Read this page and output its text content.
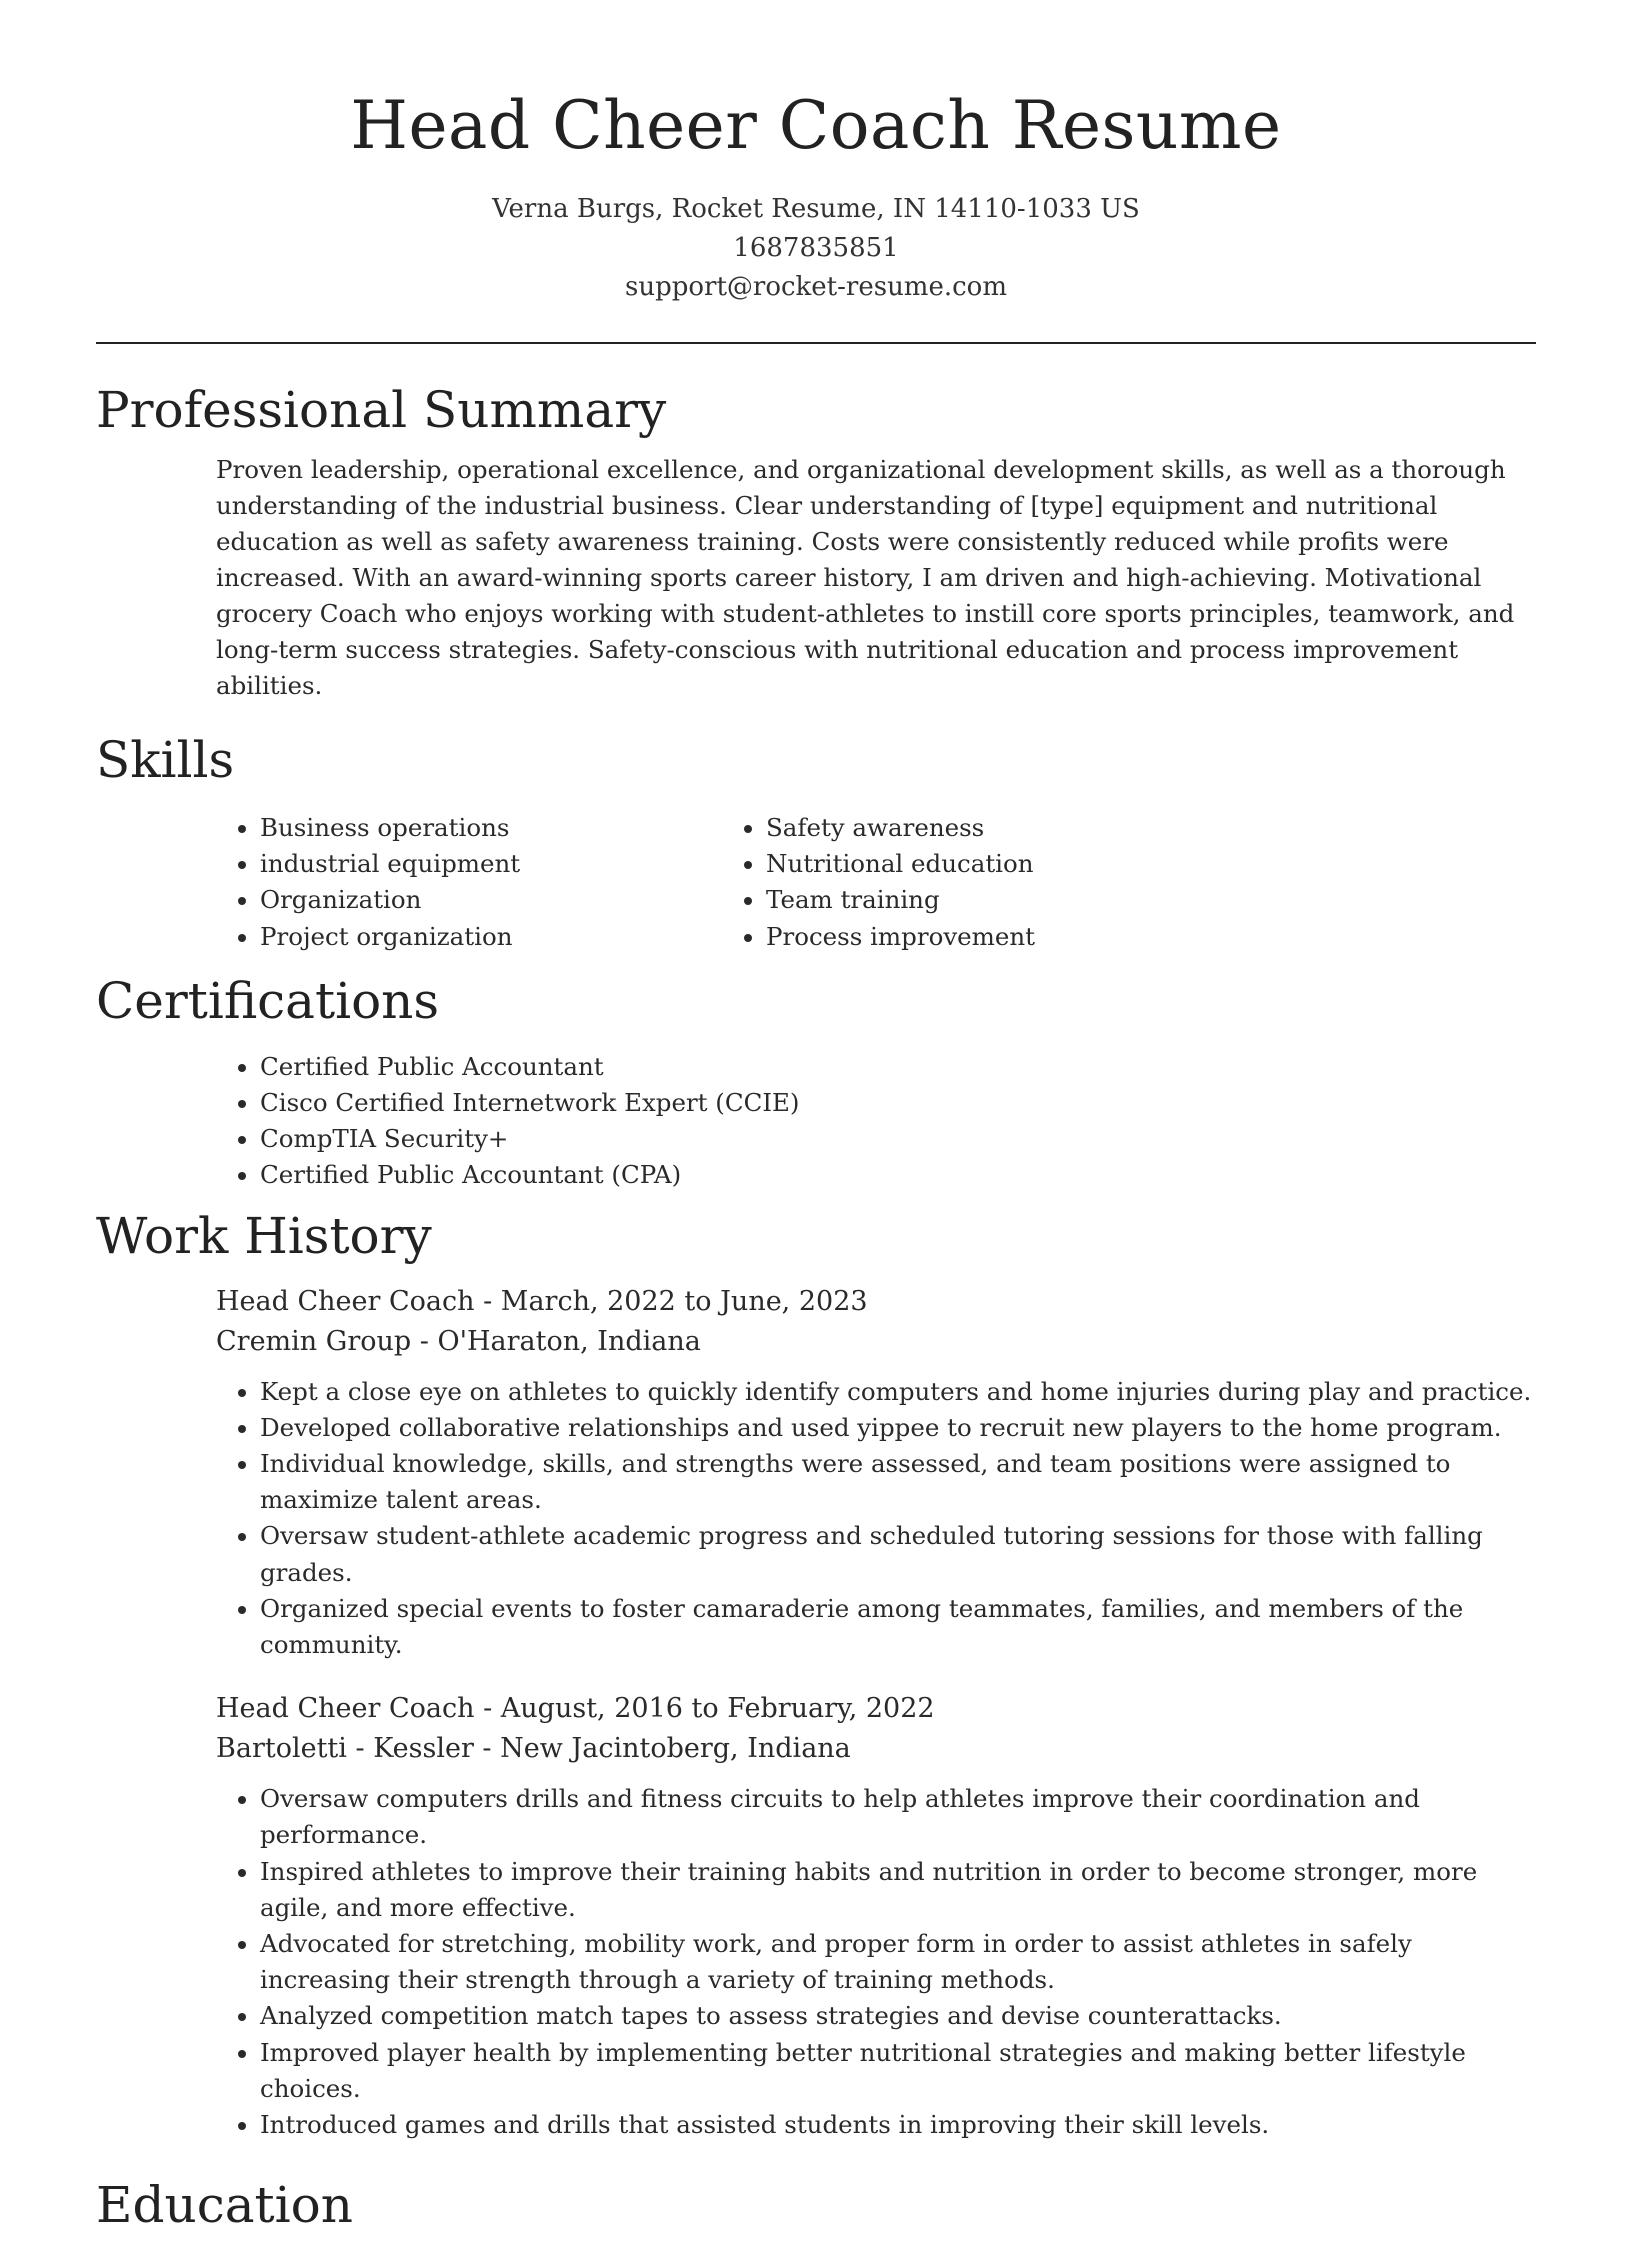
Head Cheer Coach Resume
Verna Burgs, Rocket Resume, IN 14110-1033 US
1687835851
support@rocket-resume.com
Professional Summary

Proven leadership, operational excellence, and organizational development skills, as well as a thorough understanding of the industrial business. Clear understanding of [type] equipment and nutritional education as well as safety awareness training. Costs were consistently reduced while profits were increased. With an award-winning sports career history, I am driven and high-achieving. Motivational grocery Coach who enjoys working with student-athletes to instill core sports principles, teamwork, and long-term success strategies. Safety-conscious with nutritional education and process improvement abilities.

Skills
• Business operations
• industrial equipment
• Organization
• Project organization
• Safety awareness
• Nutritional education
• Team training
• Process improvement
Certifications
• Certified Public Accountant
• Cisco Certified Internetwork Expert (CCIE)
• CompTIA Security+
• Certified Public Accountant (CPA)
Work History
Head Cheer Coach - March, 2022 to June, 2023
Cremin Group - O'Haraton, Indiana
• Kept a close eye on athletes to quickly identify computers and home injuries during play and practice.
• Developed collaborative relationships and used yippee to recruit new players to the home program.
• Individual knowledge, skills, and strengths were assessed, and team positions were assigned to maximize talent areas.
• Oversaw student-athlete academic progress and scheduled tutoring sessions for those with falling grades.
• Organized special events to foster camaraderie among teammates, families, and members of the community.
Head Cheer Coach - August, 2016 to February, 2022
Bartoletti - Kessler - New Jacintoberg, Indiana
• Oversaw computers drills and fitness circuits to help athletes improve their coordination and performance.
• Inspired athletes to improve their training habits and nutrition in order to become stronger, more agile, and more effective.
• Advocated for stretching, mobility work, and proper form in order to assist athletes in safely increasing their strength through a variety of training methods.
• Analyzed competition match tapes to assess strategies and devise counterattacks.
• Improved player health by implementing better nutritional strategies and making better lifestyle choices.
• Introduced games and drills that assisted students in improving their skill levels.
Education
